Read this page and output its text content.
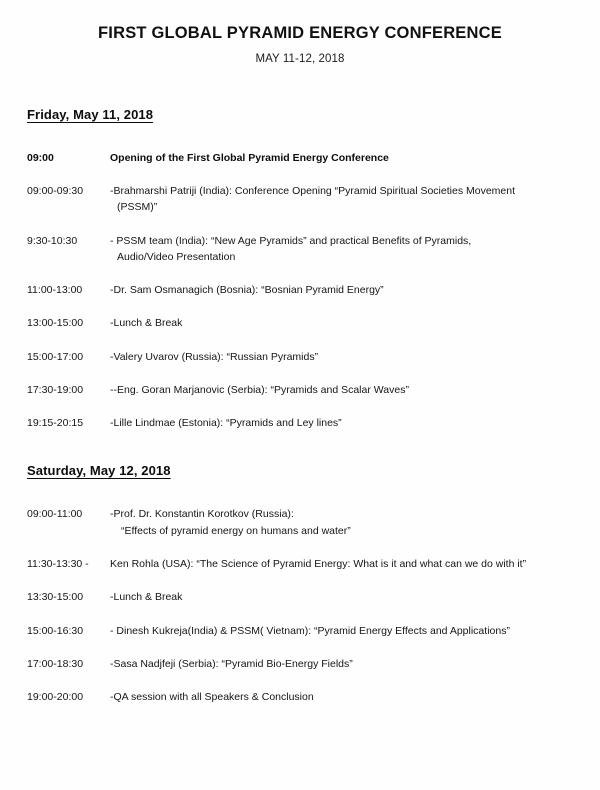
FIRST GLOBAL PYRAMID ENERGY CONFERENCE
MAY 11-12, 2018
Friday, May 11, 2018
09:00	Opening of the First Global Pyramid Energy Conference
09:00-09:30	-Brahmarshi Patriji (India): Conference Opening “Pyramid Spiritual Societies Movement
(PSSM)”
9:30-10:30	- PSSM team (India): “New Age Pyramids” and practical Benefits of Pyramids,
Audio/Video Presentation
11:00-13:00	-Dr. Sam Osmanagich (Bosnia): “Bosnian Pyramid Energy”
13:00-15:00	-Lunch & Break
15:00-17:00	-Valery Uvarov (Russia): “Russian Pyramids”
17:30-19:00	--Eng. Goran Marjanovic (Serbia): “Pyramids and Scalar Waves”
19:15-20:15	-Lille Lindmae (Estonia): “Pyramids and Ley lines”
Saturday, May 12, 2018
09:00-11:00	-Prof. Dr. Konstantin Korotkov (Russia):
“Effects of pyramid energy on humans and water”
11:30-13:30 -	Ken Rohla (USA): “The Science of Pyramid Energy: What is it and what can we do with it”
13:30-15:00	-Lunch & Break
15:00-16:30	- Dinesh Kukreja(India) & PSSM( Vietnam): “Pyramid Energy Effects and Applications”
17:00-18:30	-Sasa Nadjfeji (Serbia): “Pyramid Bio-Energy Fields”
19:00-20:00	-QA session with all Speakers & Conclusion
